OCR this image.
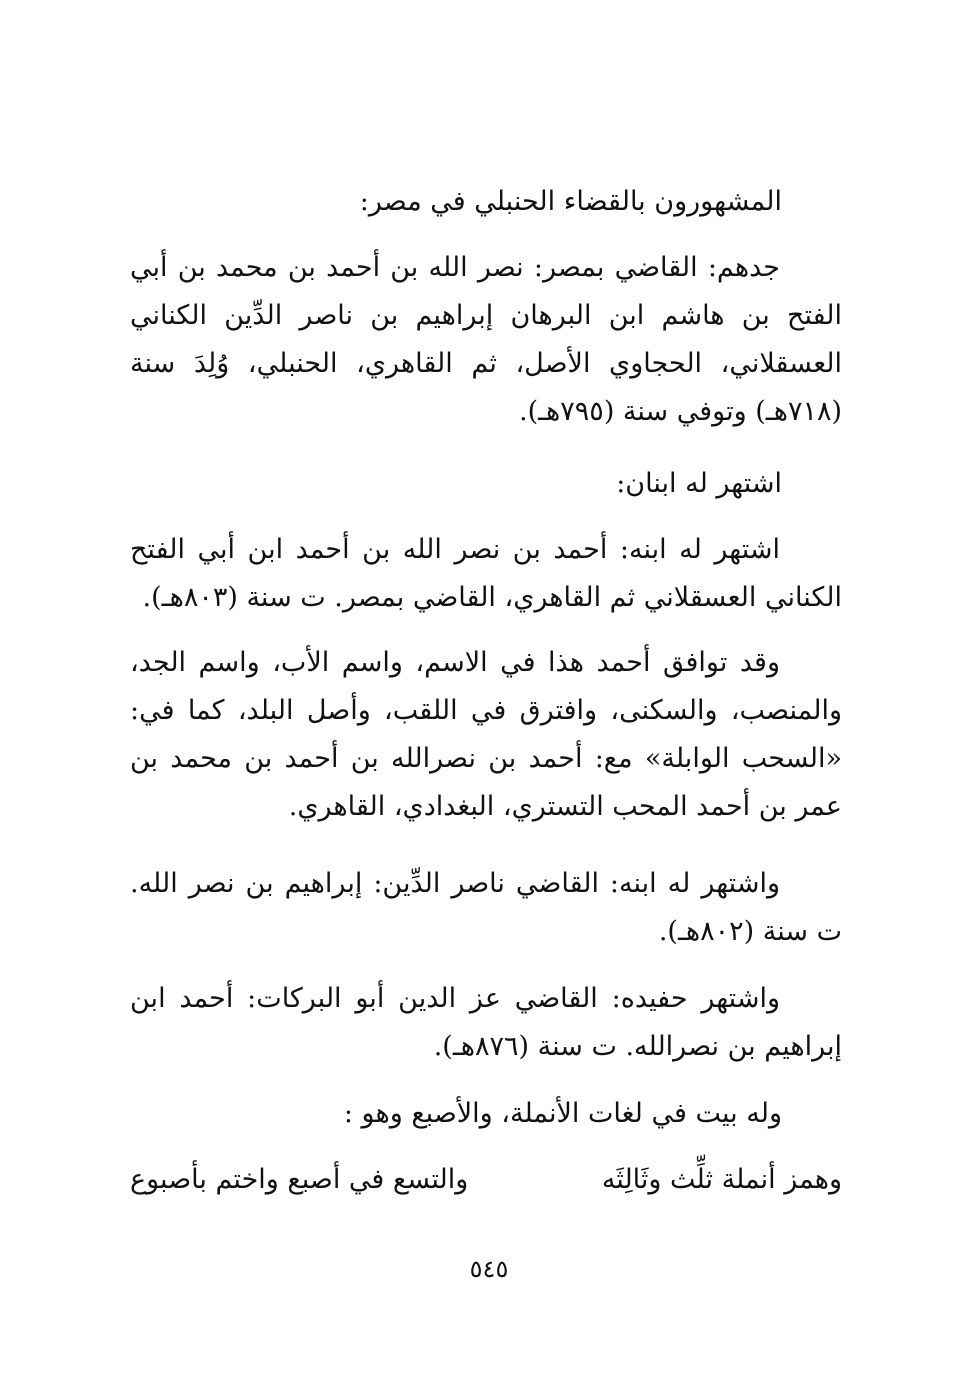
المشهورون بالقضاء الحنبلي في مصر:

جدهم: القاضي بمصر: نصر الله بن أحمد بن محمد بن أبي الفتح بن هاشم ابن البرهان إبراهيم بن ناصر الدِّين الكناني العسقلاني، الحجاوي الأصل، ثم القاهري، الحنبلي، وُلِدَ سنة (٧١٨هـ) وتوفي سنة (٧٩٥هـ).

اشتهر له ابنان:

اشتهر له ابنه: أحمد بن نصر الله بن أحمد ابن أبي الفتح الكناني العسقلاني ثم القاهري، القاضي بمصر. ت سنة (٨٠٣هـ).

وقد توافق أحمد هذا في الاسم، واسم الأب، واسم الجد، والمنصب، والسكنى، وافترق في اللقب، وأصل البلد، كما في: «السحب الوابلة» مع: أحمد بن نصرالله بن أحمد بن محمد بن عمر بن أحمد المحب التستري، البغدادي، القاهري.

واشتهر له ابنه: القاضي ناصر الدِّين: إبراهيم بن نصر الله. ت سنة (٨٠٢هـ).

واشتهر حفيده: القاضي عز الدين أبو البركات: أحمد ابن إبراهيم بن نصرالله. ت سنة (٨٧٦هـ).

وله بيت في لغات الأنملة، والأصبع وهو :

وهمز أنملة ثلِّث وثَالِثَه
والتسع في أصبع واختم بأصبوع
٥٤٥
